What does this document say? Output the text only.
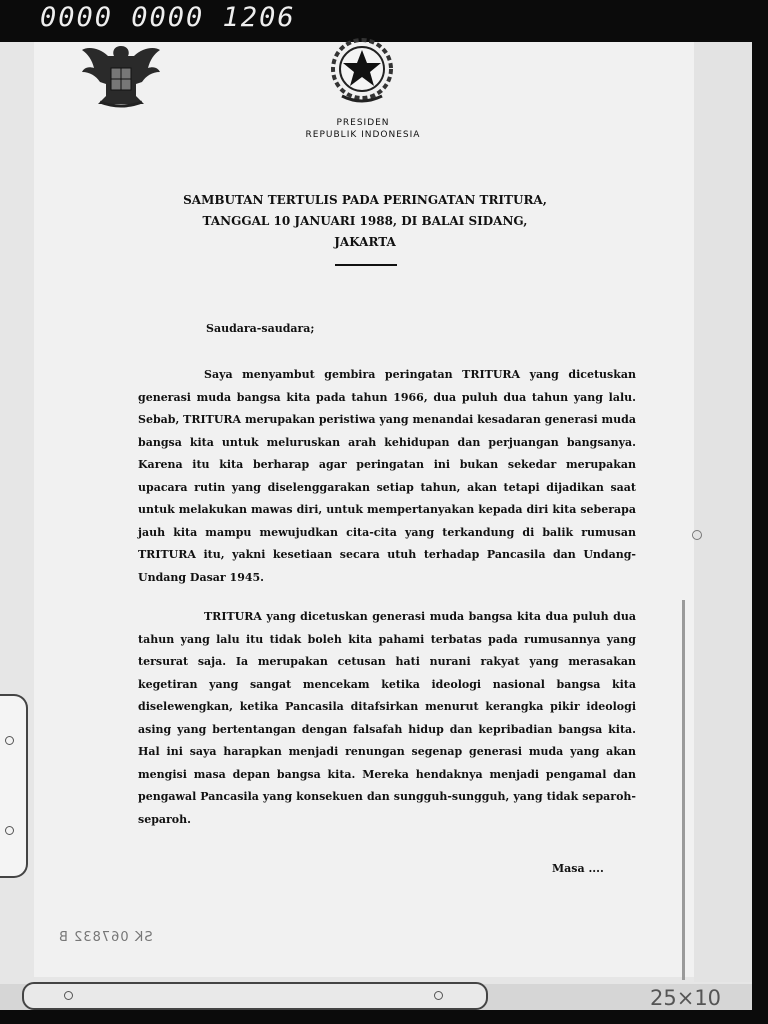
0000 0000 1206
PRESIDEN
REPUBLIK INDONESIA
SAMBUTAN TERTULIS PADA PERINGATAN TRITURA,
TANGGAL 10 JANUARI 1988, DI BALAI SIDANG,
JAKARTA
Saudara-saudara;

Saya menyambut gembira peringatan TRITURA yang dicetuskan generasi muda bangsa kita pada tahun 1966, dua puluh dua tahun yang lalu. Sebab, TRITURA merupakan peristiwa yang menandai kesadaran generasi muda bangsa kita untuk meluruskan arah kehidupan dan perjuangan bangsanya. Karena itu kita berharap agar peringatan ini bukan sekedar merupakan upacara rutin yang diselenggarakan setiap tahun, akan tetapi dijadikan saat untuk melakukan mawas diri, untuk mempertanyakan kepada diri kita seberapa jauh kita mampu mewujudkan cita-cita yang terkandung di balik rumusan TRITURA itu, yakni kesetiaan secara utuh terhadap Pancasila dan Undang-Undang Dasar 1945.

TRITURA yang dicetuskan generasi muda bangsa kita dua puluh dua tahun yang lalu itu tidak boleh kita pahami terbatas pada rumusannya yang tersurat saja. Ia merupakan cetusan hati nurani rakyat yang merasakan kegetiran yang sangat mencekam ketika ideologi nasional bangsa kita diselewengkan, ketika Pancasila ditafsirkan menurut kerangka pikir ideologi asing yang bertentangan dengan falsafah hidup dan kepribadian bangsa kita. Hal ini saya harapkan menjadi renungan segenap generasi muda yang akan mengisi masa depan bangsa kita. Mereka hendaknya menjadi pengamal dan pengawal Pancasila yang konsekuen dan sungguh-sungguh, yang tidak separoh-separoh.

Masa ....
SK 067832 B
25×10
